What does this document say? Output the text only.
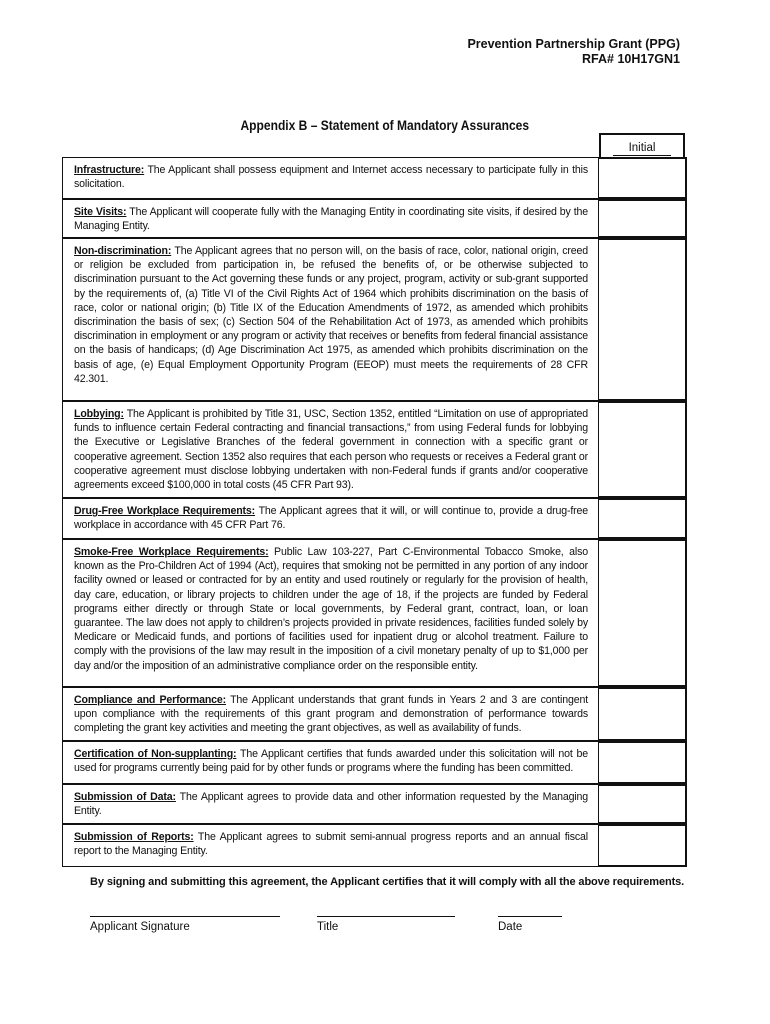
Prevention Partnership Grant (PPG)
RFA# 10H17GN1
Appendix B – Statement of Mandatory Assurances
Initial
Infrastructure: The Applicant shall possess equipment and Internet access necessary to participate fully in this solicitation.
Site Visits: The Applicant will cooperate fully with the Managing Entity in coordinating site visits, if desired by the Managing Entity.
Non-discrimination: The Applicant agrees that no person will, on the basis of race, color, national origin, creed or religion be excluded from participation in, be refused the benefits of, or be otherwise subjected to discrimination pursuant to the Act governing these funds or any project, program, activity or sub-grant supported by the requirements of, (a) Title VI of the Civil Rights Act of 1964 which prohibits discrimination on the basis of race, color or national origin; (b) Title IX of the Education Amendments of 1972, as amended which prohibits discrimination the basis of sex; (c) Section 504 of the Rehabilitation Act of 1973, as amended which prohibits discrimination in employment or any program or activity that receives or benefits from federal financial assistance on the basis of handicaps; (d) Age Discrimination Act 1975, as amended which prohibits discrimination on the basis of age, (e) Equal Employment Opportunity Program (EEOP) must meets the requirements of 28 CFR 42.301.
Lobbying: The Applicant is prohibited by Title 31, USC, Section 1352, entitled “Limitation on use of appropriated funds to influence certain Federal contracting and financial transactions,” from using Federal funds for lobbying the Executive or Legislative Branches of the federal government in connection with a specific grant or cooperative agreement. Section 1352 also requires that each person who requests or receives a Federal grant or cooperative agreement must disclose lobbying undertaken with non-Federal funds if grants and/or cooperative agreements exceed $100,000 in total costs (45 CFR Part 93).
Drug-Free Workplace Requirements: The Applicant agrees that it will, or will continue to, provide a drug-free workplace in accordance with 45 CFR Part 76.
Smoke-Free Workplace Requirements: Public Law 103-227, Part C-Environmental Tobacco Smoke, also known as the Pro-Children Act of 1994 (Act), requires that smoking not be permitted in any portion of any indoor facility owned or leased or contracted for by an entity and used routinely or regularly for the provision of health, day care, education, or library projects to children under the age of 18, if the projects are funded by Federal programs either directly or through State or local governments, by Federal grant, contract, loan, or loan guarantee. The law does not apply to children’s projects provided in private residences, facilities funded solely by Medicare or Medicaid funds, and portions of facilities used for inpatient drug or alcohol treatment. Failure to comply with the provisions of the law may result in the imposition of a civil monetary penalty of up to $1,000 per day and/or the imposition of an administrative compliance order on the responsible entity.
Compliance and Performance: The Applicant understands that grant funds in Years 2 and 3 are contingent upon compliance with the requirements of this grant program and demonstration of performance towards completing the grant key activities and meeting the grant objectives, as well as availability of funds.
Certification of Non-supplanting: The Applicant certifies that funds awarded under this solicitation will not be used for programs currently being paid for by other funds or programs where the funding has been committed.
Submission of Data: The Applicant agrees to provide data and other information requested by the Managing Entity.
Submission of Reports: The Applicant agrees to submit semi-annual progress reports and an annual fiscal report to the Managing Entity.
By signing and submitting this agreement, the Applicant certifies that it will comply with all the above requirements.
Applicant Signature	Title	Date
